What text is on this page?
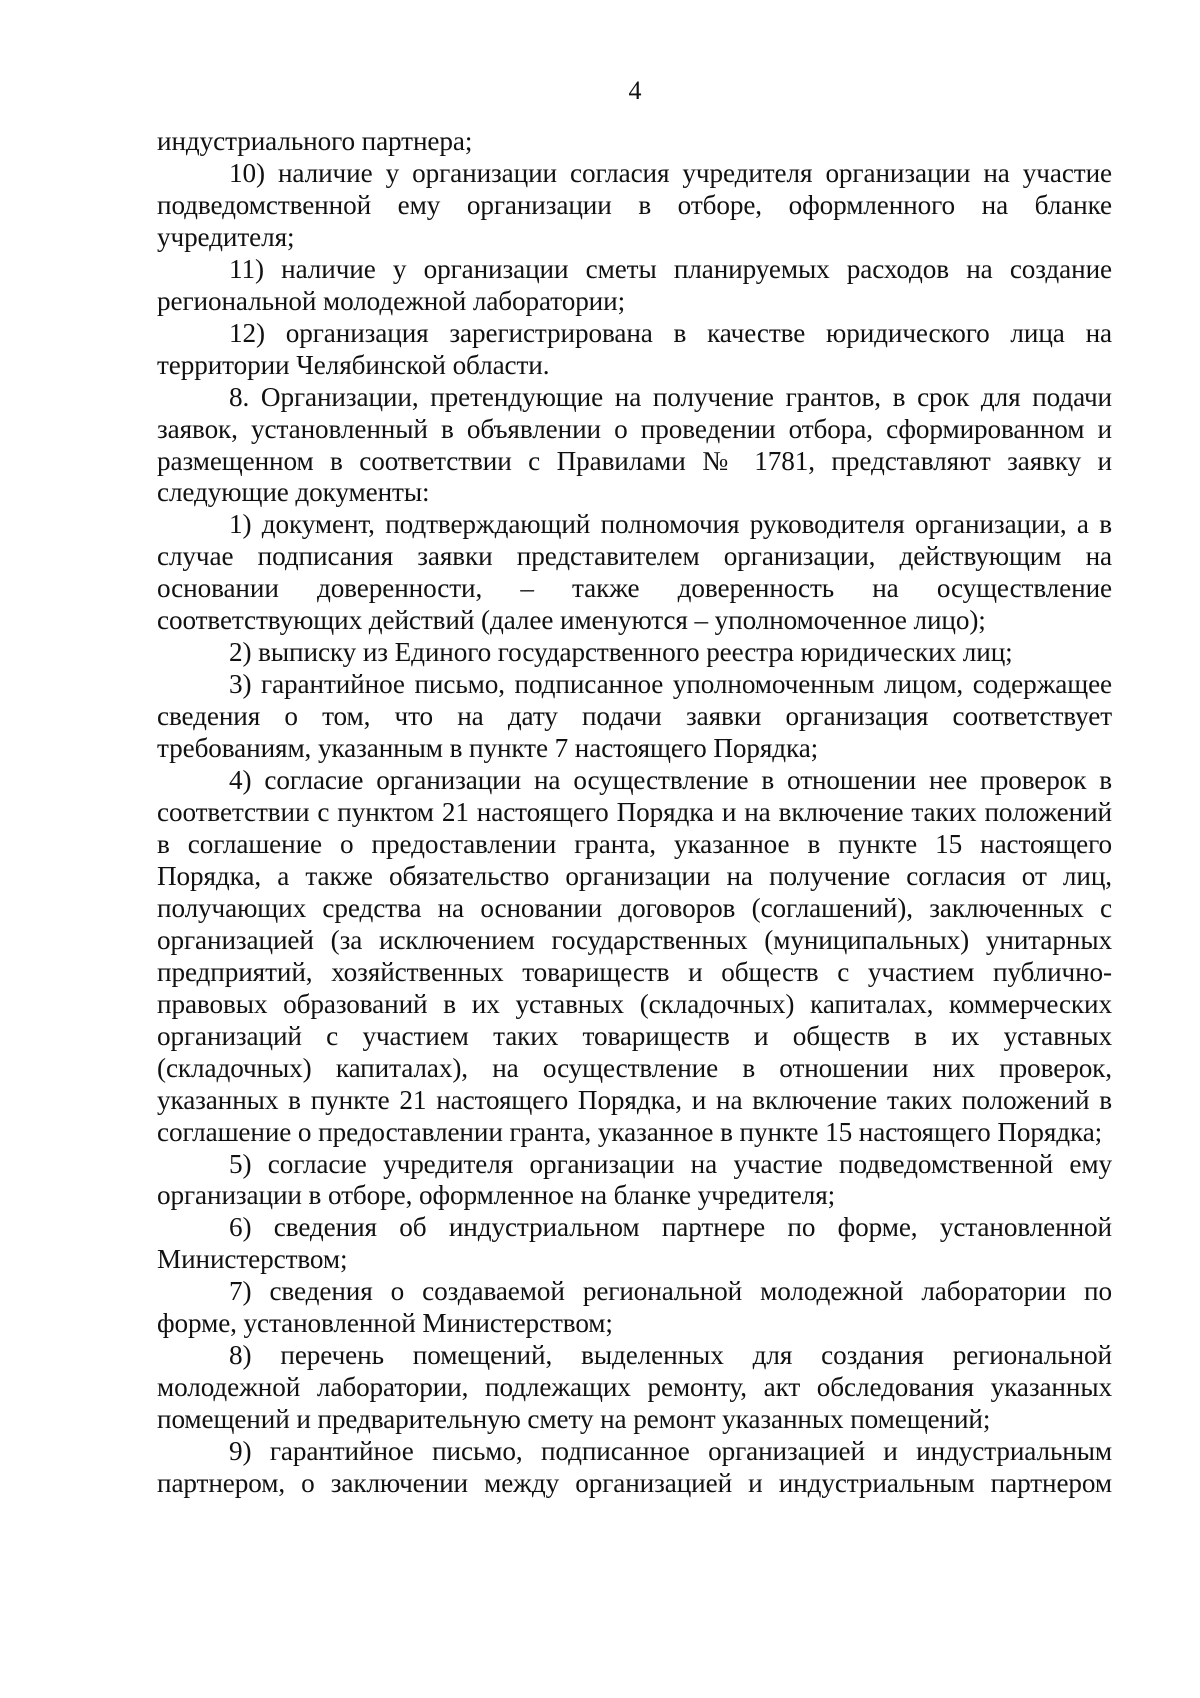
4

индустриального партнера;

10) наличие у организации согласия учредителя организации на участие подведомственной ему организации в отборе, оформленного на бланке учредителя;

11) наличие у организации сметы планируемых расходов на создание региональной молодежной лаборатории;

12) организация зарегистрирована в качестве юридического лица на территории Челябинской области.

8. Организации, претендующие на получение грантов, в срок для подачи заявок, установленный в объявлении о проведении отбора, сформированном и размещенном в соответствии с Правилами № 1781, представляют заявку и следующие документы:

1) документ, подтверждающий полномочия руководителя организации, а в случае подписания заявки представителем организации, действующим на основании доверенности, – также доверенность на осуществление соответствующих действий (далее именуются – уполномоченное лицо);

2) выписку из Единого государственного реестра юридических лиц;

3) гарантийное письмо, подписанное уполномоченным лицом, содержащее сведения о том, что на дату подачи заявки организация соответствует требованиям, указанным в пункте 7 настоящего Порядка;

4) согласие организации на осуществление в отношении нее проверок в соответствии с пунктом 21 настоящего Порядка и на включение таких положений в соглашение о предоставлении гранта, указанное в пункте 15 настоящего Порядка, а также обязательство организации на получение согласия от лиц, получающих средства на основании договоров (соглашений), заключенных с организацией (за исключением государственных (муниципальных) унитарных предприятий, хозяйственных товариществ и обществ с участием публично-правовых образований в их уставных (складочных) капиталах, коммерческих организаций с участием таких товариществ и обществ в их уставных (складочных) капиталах), на осуществление в отношении них проверок, указанных в пункте 21 настоящего Порядка, и на включение таких положений в соглашение о предоставлении гранта, указанное в пункте 15 настоящего Порядка;

5) согласие учредителя организации на участие подведомственной ему организации в отборе, оформленное на бланке учредителя;

6) сведения об индустриальном партнере по форме, установленной Министерством;

7) сведения о создаваемой региональной молодежной лаборатории по форме, установленной Министерством;

8) перечень помещений, выделенных для создания региональной молодежной лаборатории, подлежащих ремонту, акт обследования указанных помещений и предварительную смету на ремонт указанных помещений;

9) гарантийное письмо, подписанное организацией и индустриальным партнером, о заключении между организацией и индустриальным партнером
